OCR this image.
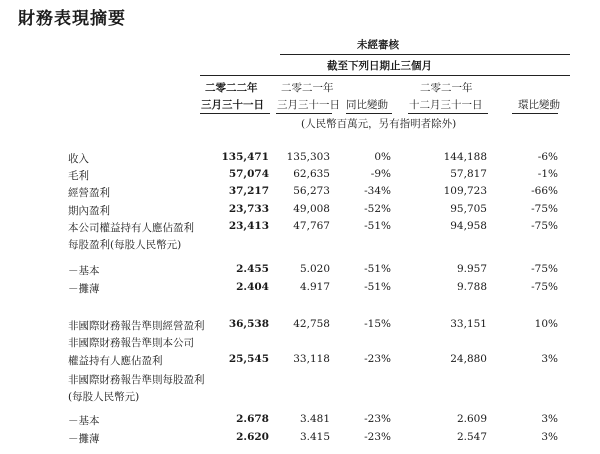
財務表現摘要
未經審核
截至下列日期止三個月
二零二二年
三月三十一日
二零二一年
三月三十一日 同比變動
二零二一年
十二月三十一日	環比變動
(人民幣百萬元，另有指明者除外)
收入	135,471 135,303	0%	144,188	-6%
毛利	57,074 62,635	-9%	57,817	-1%
經營盈利	37,217 56,273	-34%	109,723	-66%
期內盈利	23,733 49,008	-52%	95,705	-75%
本公司權益持有人應佔盈利	23,413 47,767	-51%	94,958	-75%
每股盈利(每股人民幣元)
－基本	2.455	5.020	-51%	9.957	-75%
－攤薄	2.404	4.917	-51%	9.788	-75%
非國際財務報告準則經營盈利 36,538 42,758	-15%	33,151	10%
非國際財務報告準則本公司
權益持有人應佔盈利	25,545 33,118	-23%	24,880	3%
非國際財務報告準則每股盈利
(每股人民幣元)
－基本	2.678	3.481	-23%	2.609	3%
－攤薄	2.620	3.415	-23%	2.547	3%
